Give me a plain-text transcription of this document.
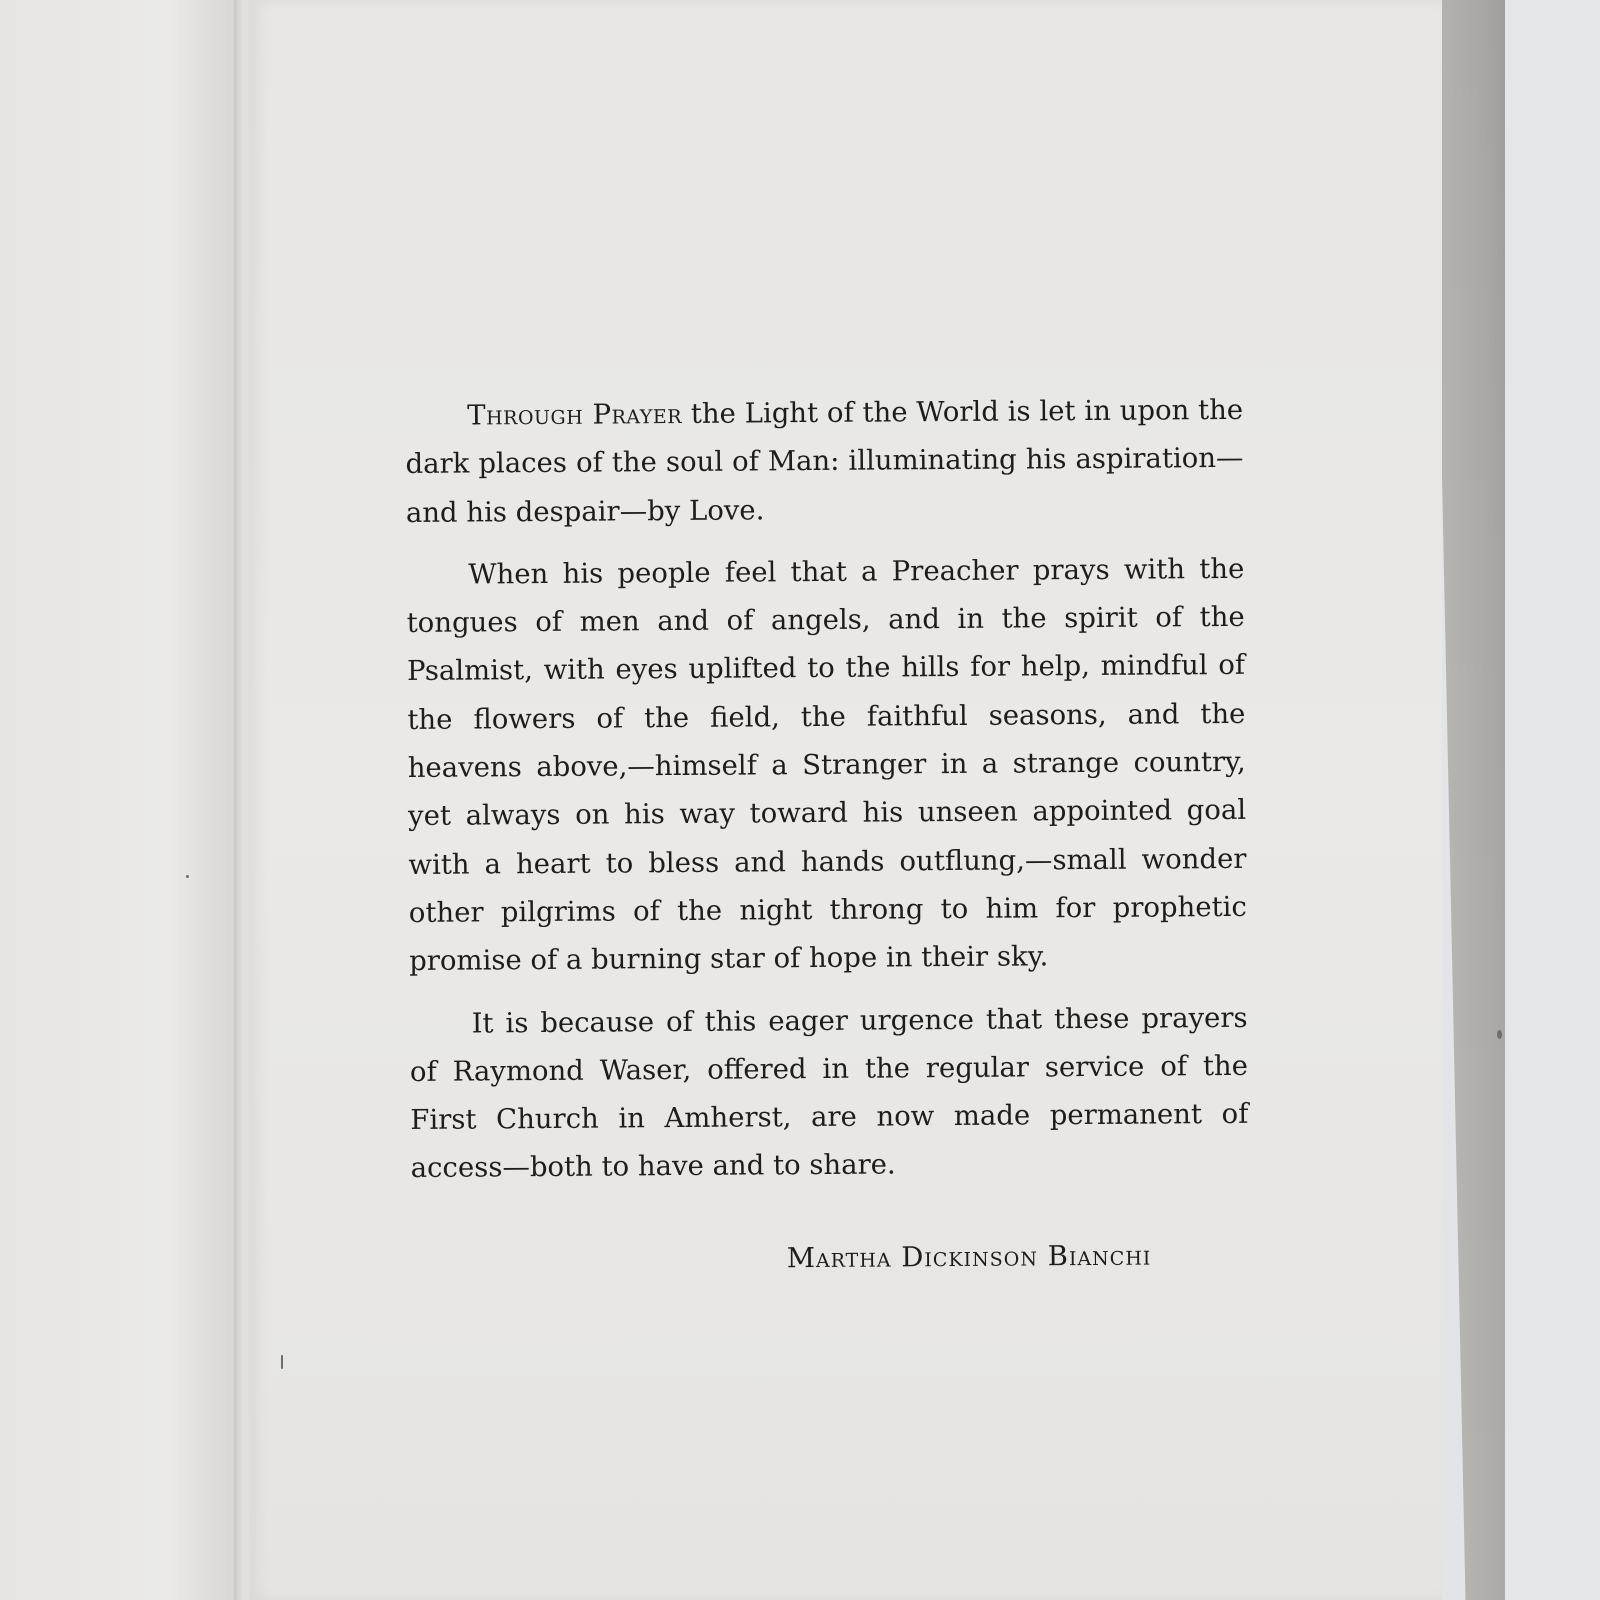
Through Prayer the Light of the World is let in upon the dark places of the soul of Man: illuminating his aspiration—and his despair—by Love.

When his people feel that a Preacher prays with the tongues of men and of angels, and in the spirit of the Psalmist, with eyes uplifted to the hills for help, mindful of the flowers of the field, the faithful seasons, and the heavens above,—himself a Stranger in a strange country, yet always on his way toward his unseen appointed goal with a heart to bless and hands outflung,—small wonder other pilgrims of the night throng to him for prophetic promise of a burning star of hope in their sky.

It is because of this eager urgence that these prayers of Raymond Waser, offered in the regular service of the First Church in Amherst, are now made permanent of access—both to have and to share.

Martha Dickinson Bianchi
